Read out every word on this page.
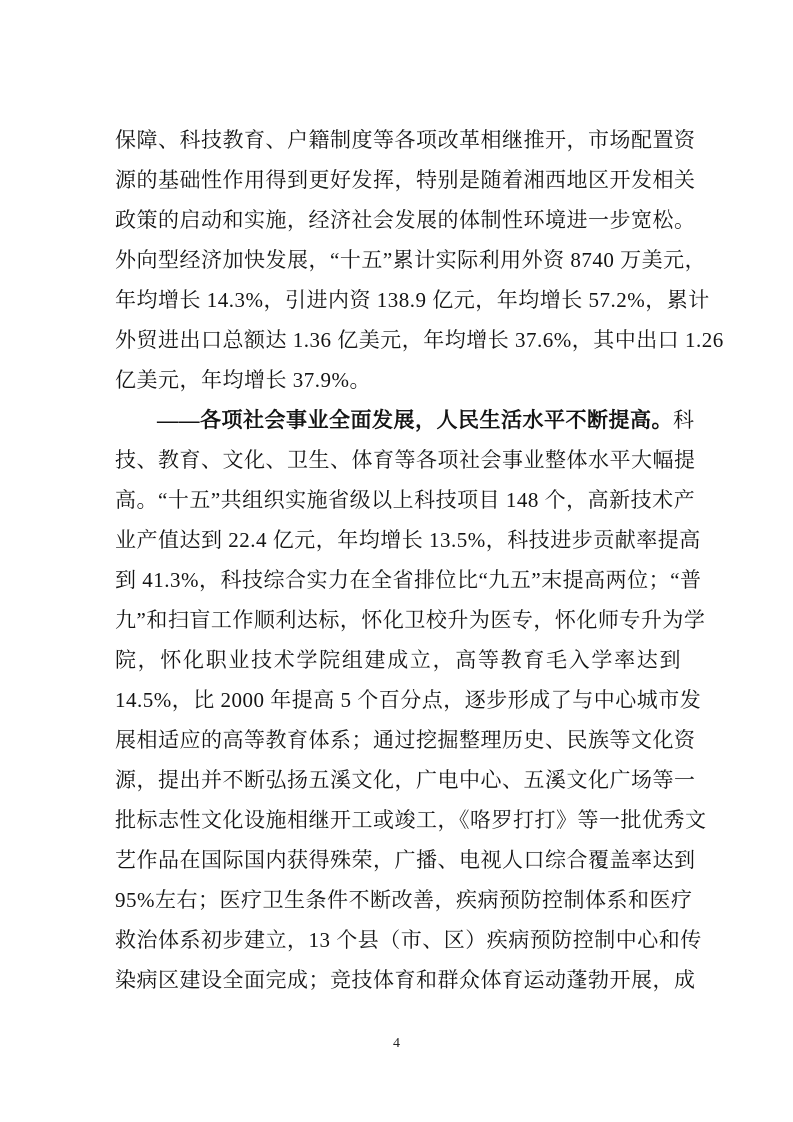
保障、科技教育、户籍制度等各项改革相继推开，市场配置资
源的基础性作用得到更好发挥，特别是随着湘西地区开发相关
政策的启动和实施，经济社会发展的体制性环境进一步宽松。
外向型经济加快发展，“十五”累计实际利用外资 8740 万美元，
年均增长 14.3%，引进内资 138.9 亿元，年均增长 57.2%，累计
外贸进出口总额达 1.36 亿美元，年均增长 37.6%，其中出口 1.26
亿美元，年均增长 37.9%。
——各项社会事业全面发展，人民生活水平不断提高。科
技、教育、文化、卫生、体育等各项社会事业整体水平大幅提
高。“十五”共组织实施省级以上科技项目 148 个，高新技术产
业产值达到 22.4 亿元，年均增长 13.5%，科技进步贡献率提高
到 41.3%，科技综合实力在全省排位比“九五”末提高两位；“普
九”和扫盲工作顺利达标，怀化卫校升为医专，怀化师专升为学
院，怀化职业技术学院组建成立，高等教育毛入学率达到
14.5%，比 2000 年提高 5 个百分点，逐步形成了与中心城市发
展相适应的高等教育体系；通过挖掘整理历史、民族等文化资
源，提出并不断弘扬五溪文化，广电中心、五溪文化广场等一
批标志性文化设施相继开工或竣工，《咯罗打打》等一批优秀文
艺作品在国际国内获得殊荣，广播、电视人口综合覆盖率达到
95%左右；医疗卫生条件不断改善，疾病预防控制体系和医疗
救治体系初步建立，13 个县（市、区）疾病预防控制中心和传
染病区建设全面完成；竞技体育和群众体育运动蓬勃开展，成
4
